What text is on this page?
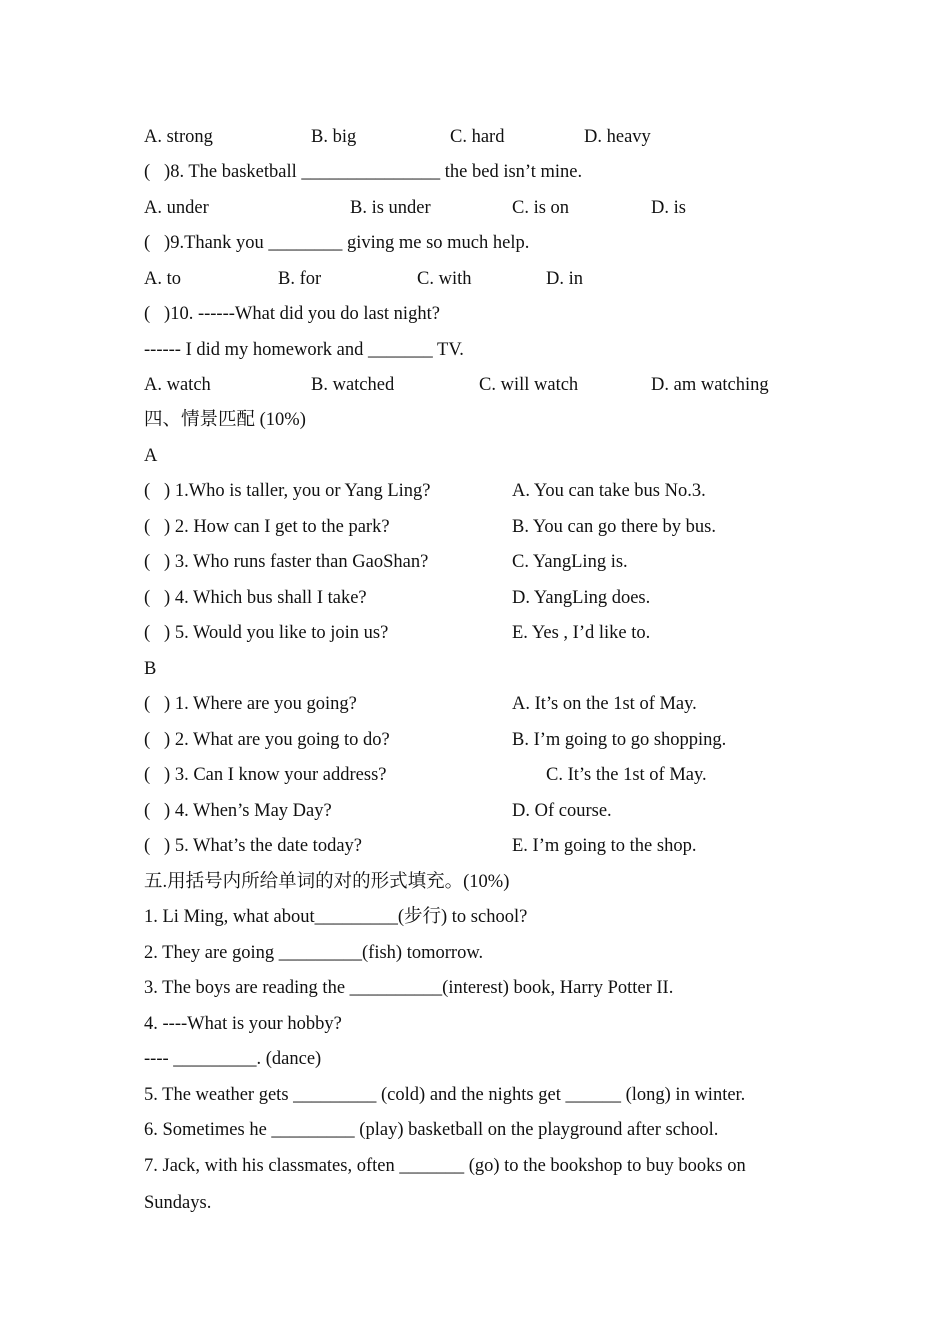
A. strong	B. big	C. hard	D. heavy
(   )8. The basketball _______________ the bed isn’t mine.
A. under	B. is under	C. is on	D. is
(   )9.Thank you ________ giving me so much help.
A. to	B. for	C. with	D. in
(   )10. ------What did you do last night?
------ I did my homework and _______ TV.
A. watch	B. watched	C. will watch	D. am watching
四、情景匹配 (10%)
A
(   ) 1.Who is taller, you or Yang Ling?	A. You can take bus No.3.
(   ) 2. How can I get to the park?	B. You can go there by bus.
(   ) 3. Who runs faster than GaoShan?	C. YangLing is.
(   ) 4. Which bus shall I take?	D. YangLing does.
(   ) 5. Would you like to join us?	E. Yes , I’d like to.
B
(   ) 1. Where are you going?	A. It’s on the 1st of May.
(   ) 2. What are you going to do?	B. I’m going to go shopping.
(   ) 3. Can I know your address?	C. It’s the 1st of May.
(   ) 4. When’s May Day?	D. Of course.
(   ) 5. What’s the date today?	E. I’m going to the shop.
五.用括号内所给单词的对的形式填充。(10%)
1. Li Ming, what about_________(步行) to school?
2. They are going _________(fish) tomorrow.
3. The boys are reading the __________(interest) book, Harry Potter II.
4. ----What is your hobby?
---- _________. (dance)
5. The weather gets _________ (cold) and the nights get ______ (long) in winter.
6. Sometimes he _________ (play) basketball on the playground after school.
7. Jack, with his classmates, often _______ (go) to the bookshop to buy books on
Sundays.
